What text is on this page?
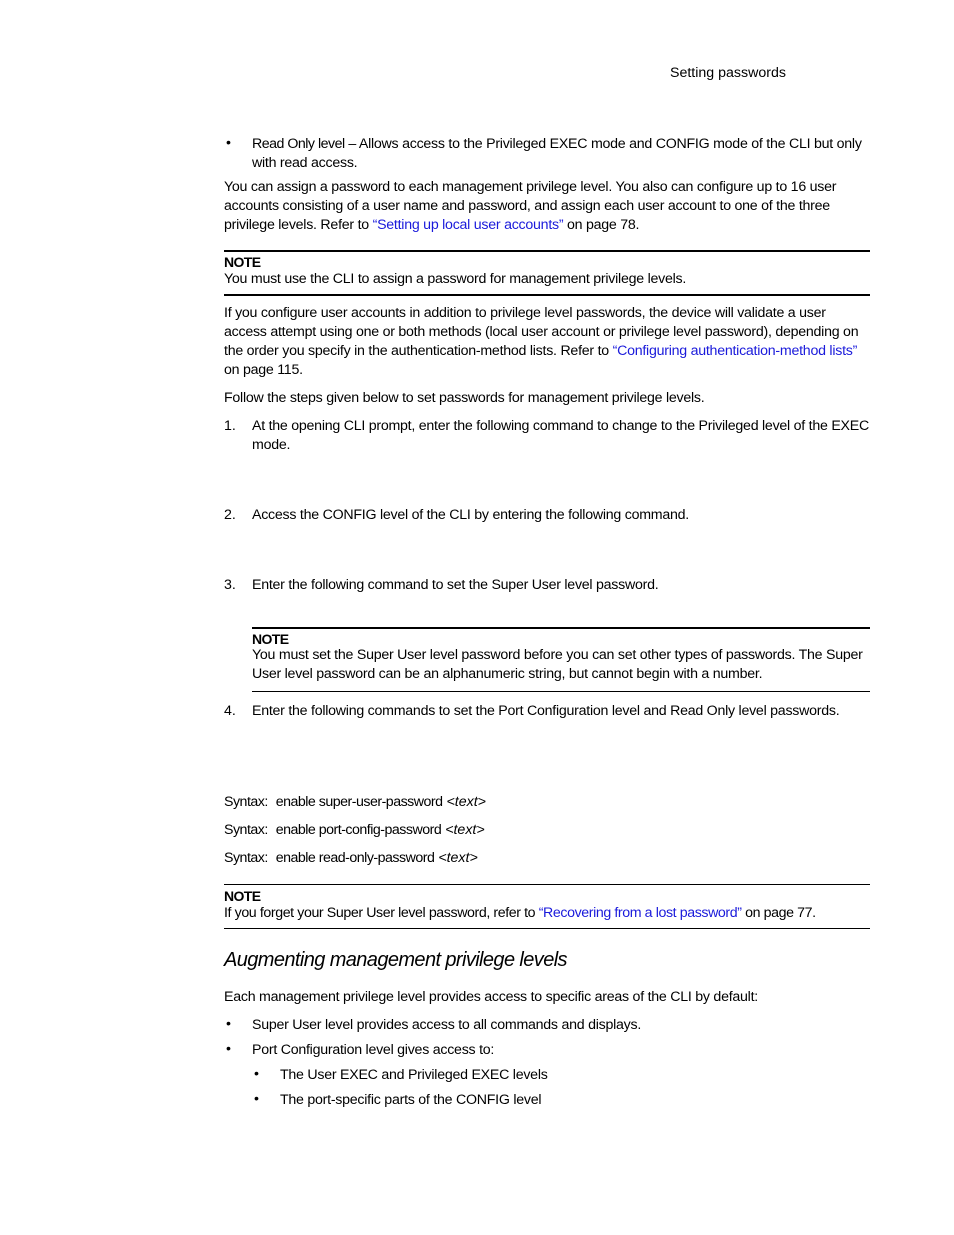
Setting passwords
•	Read Only level – Allows access to the Privileged EXEC mode and CONFIG mode of the CLI but only with read access.
You can assign a password to each management privilege level. You also can configure up to 16 user accounts consisting of a user name and password, and assign each user account to one of the three privilege levels. Refer to “Setting up local user accounts” on page 78.
NOTE
You must use the CLI to assign a password for management privilege levels.
If you configure user accounts in addition to privilege level passwords, the device will validate a user access attempt using one or both methods (local user account or privilege level password), depending on the order you specify in the authentication-method lists. Refer to “Configuring authentication-method lists” on page 115.
Follow the steps given below to set passwords for management privilege levels.
1.	At the opening CLI prompt, enter the following command to change to the Privileged level of the EXEC mode.
2.	Access the CONFIG level of the CLI by entering the following command.
3.	Enter the following command to set the Super User level password.
NOTE
You must set the Super User level password before you can set other types of passwords. The Super User level password can be an alphanumeric string, but cannot begin with a number.
4.	Enter the following commands to set the Port Configuration level and Read Only level passwords.
Syntax: enable super-user-password <text>
Syntax: enable port-config-password <text>
Syntax: enable read-only-password <text>
NOTE
If you forget your Super User level password, refer to “Recovering from a lost password” on page 77.
Augmenting management privilege levels
Each management privilege level provides access to specific areas of the CLI by default:
•	Super User level provides access to all commands and displays.
•	Port Configuration level gives access to:
•	The User EXEC and Privileged EXEC levels
•	The port-specific parts of the CONFIG level
